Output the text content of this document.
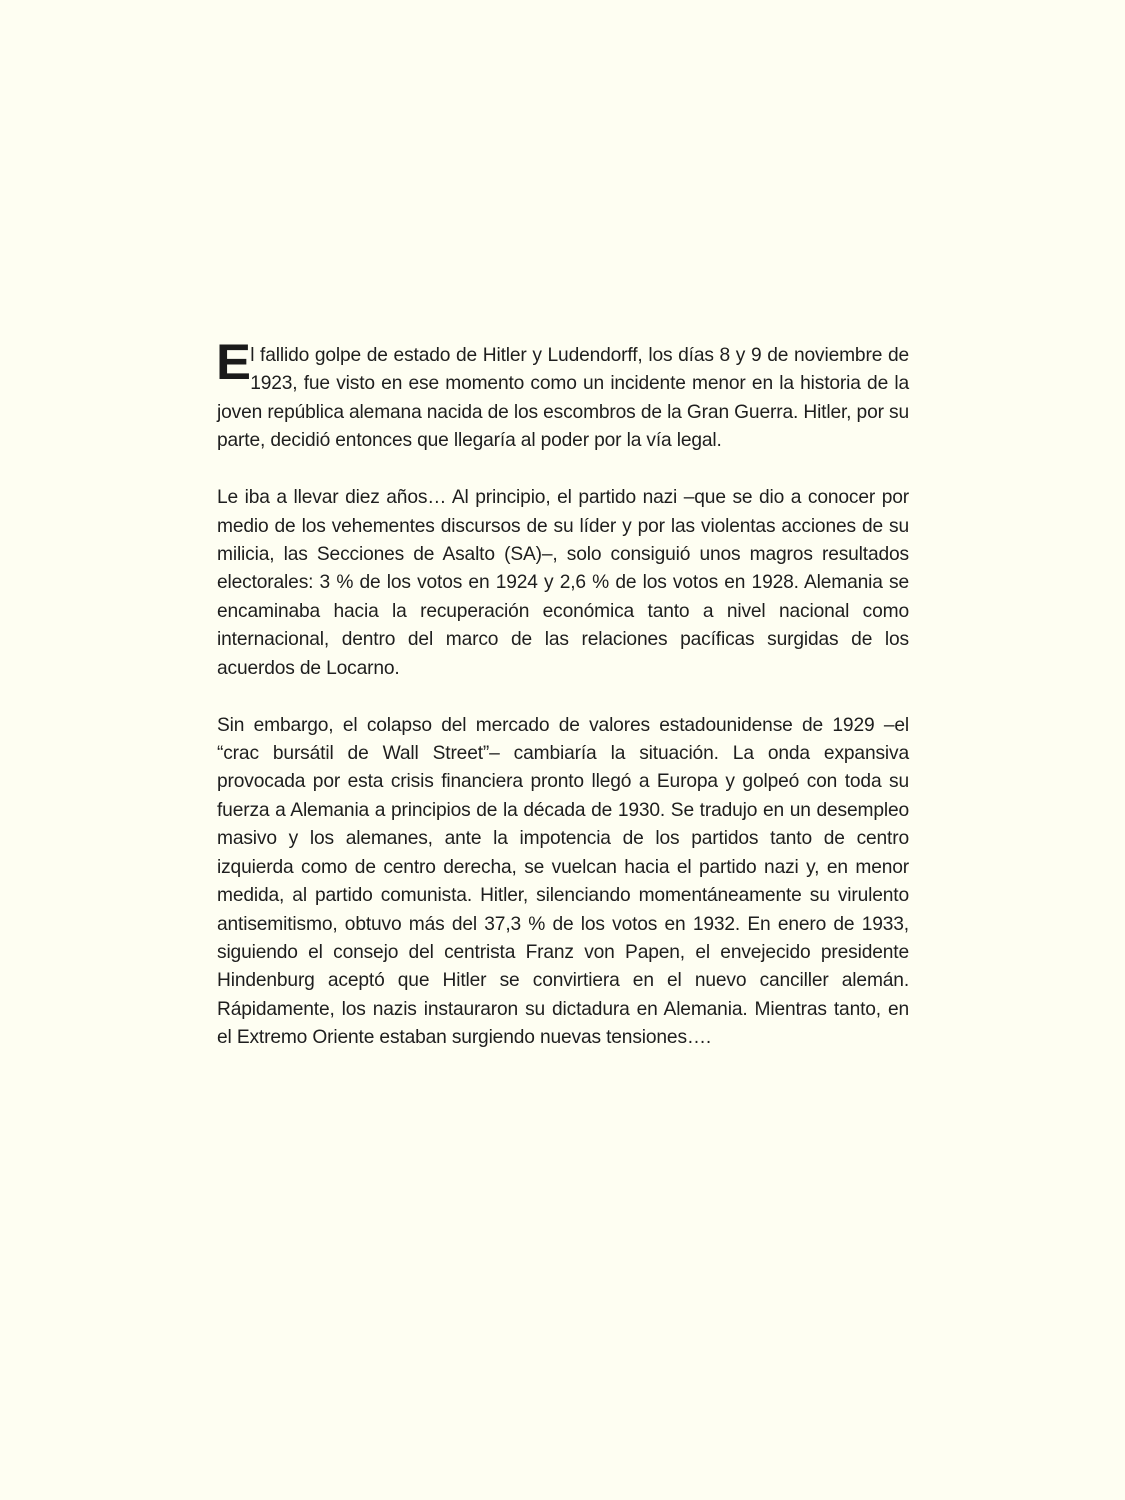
El fallido golpe de estado de Hitler y Ludendorff, los días 8 y 9 de noviembre de 1923, fue visto en ese momento como un incidente menor en la historia de la joven república alemana nacida de los escombros de la Gran Guerra. Hitler, por su parte, decidió entonces que llegaría al poder por la vía legal.

Le iba a llevar diez años… Al principio, el partido nazi –que se dio a conocer por medio de los vehementes discursos de su líder y por las violentas acciones de su milicia, las Secciones de Asalto (SA)–, solo consiguió unos magros resultados electorales: 3 % de los votos en 1924 y 2,6 % de los votos en 1928. Alemania se encaminaba hacia la recuperación económica tanto a nivel nacional como internacional, dentro del marco de las relaciones pacíficas surgidas de los acuerdos de Locarno.

Sin embargo, el colapso del mercado de valores estadounidense de 1929 –el “crac bursátil de Wall Street”– cambiaría la situación. La onda expansiva provocada por esta crisis financiera pronto llegó a Europa y golpeó con toda su fuerza a Alemania a principios de la década de 1930. Se tradujo en un desempleo masivo y los alemanes, ante la impotencia de los partidos tanto de centro izquierda como de centro derecha, se vuelcan hacia el partido nazi y, en menor medida, al partido comunista. Hitler, silenciando momentáneamente su virulento antisemitismo, obtuvo más del 37,3 % de los votos en 1932. En enero de 1933, siguiendo el consejo del centrista Franz von Papen, el envejecido presidente Hindenburg aceptó que Hitler se convirtiera en el nuevo canciller alemán. Rápidamente, los nazis instauraron su dictadura en Alemania. Mientras tanto, en el Extremo Oriente estaban surgiendo nuevas tensiones….
